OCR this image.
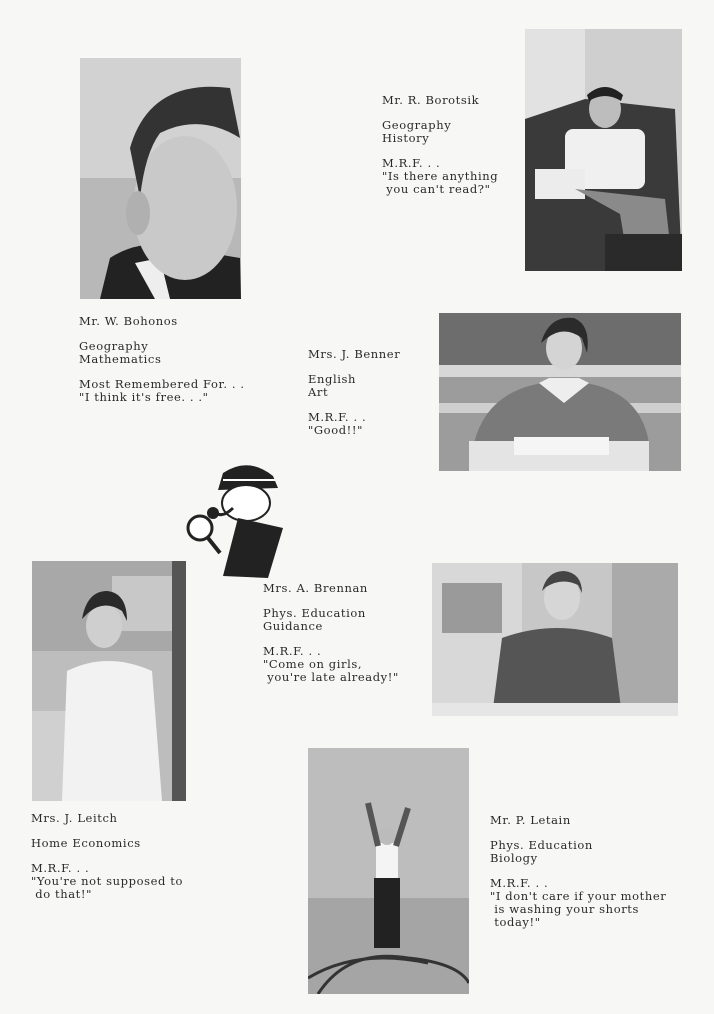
Mr. W. Bohonos
Geography
Mathematics
Most Remembered For. . .
"I think it's free. . ."
Mr. R. Borotsik
Geography
History
M.R.F. . .
"Is there anything
you can't read?"
Mrs. J. Benner
English
Art
M.R.F. . .
"Good!!"
Mrs. A. Brennan
Phys. Education
Guidance
M.R.F. . .
"Come on girls,
you're late already!"
Mrs. J. Leitch
Home Economics
M.R.F. . .
"You're not supposed to
do that!"
Mr. P. Letain
Phys. Education
Biology
M.R.F. . .
"I don't care if your mother
is washing your shorts
today!"
